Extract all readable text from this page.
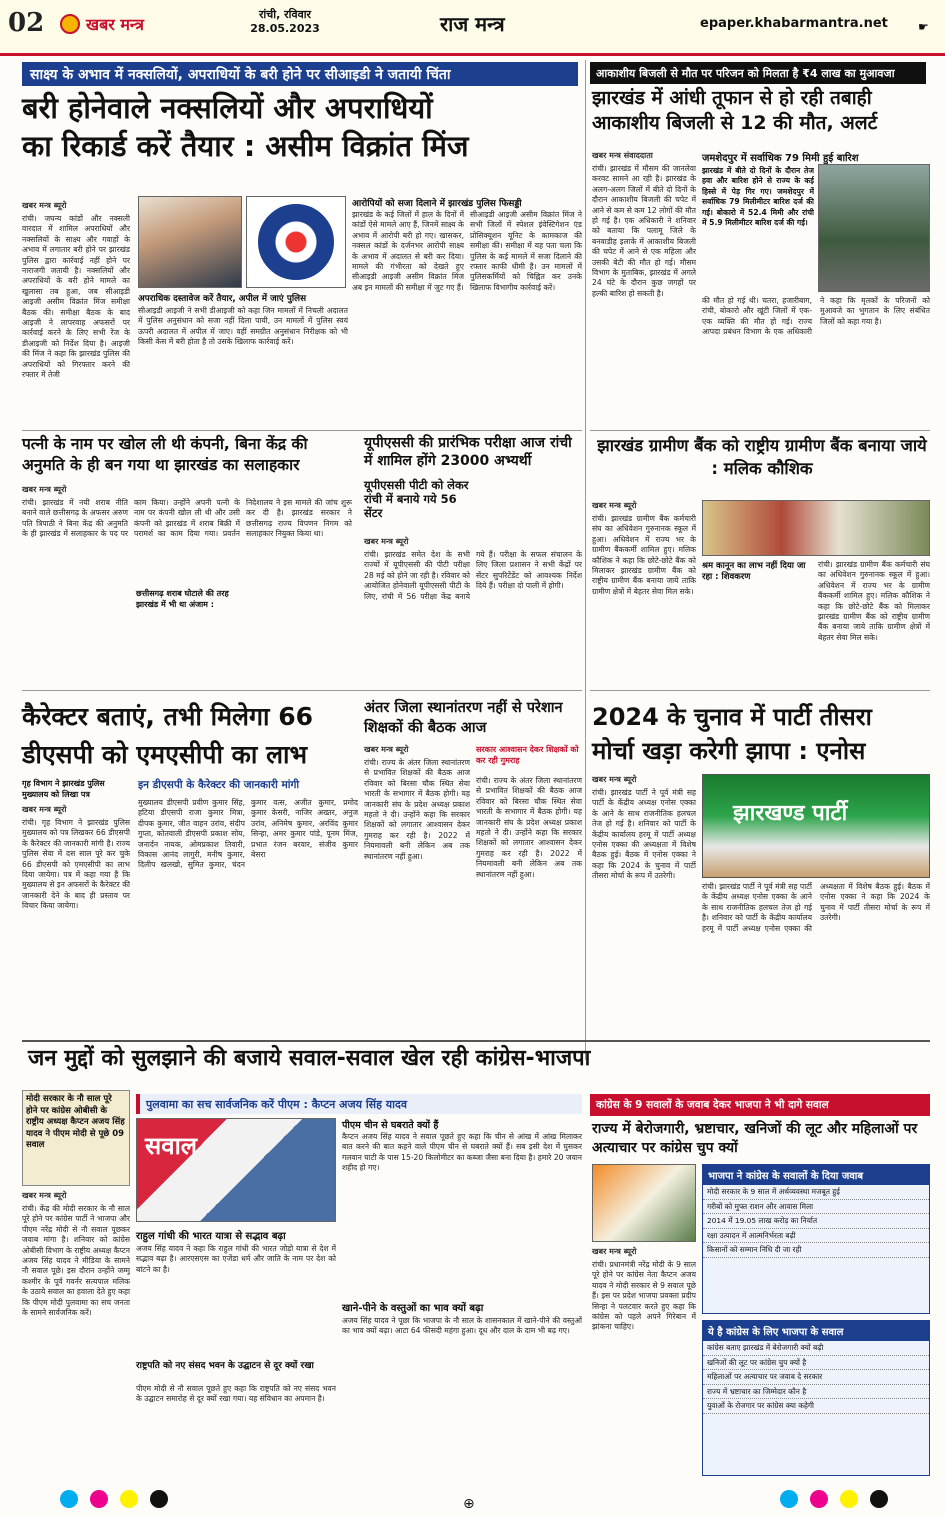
02	खबर मन्त्र
रांची, रविवार
28.05.2023	राज मन्त्र	epaper.khabarmantra.net	☛
साक्ष्य के अभाव में नक्सलियों, अपराधियों के बरी होने पर सीआइडी ने जतायी चिंता
बरी होनेवाले नक्सलियों और अपराधियों
का रिकार्ड करें तैयार : असीम विक्रांत मिंज
खबर मन्त्र ब्यूरो
रांची। जघन्य कांडों और नक्सली वारदात में शामिल अपराधियों और नक्सलियों के साक्ष्य और गवाहों के अभाव में लगातार बरी होने पर झारखंड पुलिस द्वारा कार्रवाई नहीं होने पर नाराजगी जतायी है। नक्सलियों और अपराधियों के बरी होने मामले का खुलासा तब हुआ, जब सीआइडी आइजी असीम विक्रांत मिंज समीक्षा बैठक की। समीक्षा बैठक के बाद आइजी ने लापरवाह अफसरों पर कार्रवाई करने के लिए सभी रेंज के डीआइजी को निर्देश दिया है। आइजी की मिंज ने कहा कि झारखंड पुलिस की अपराधियों को गिरफ्तार करने की रफ्तार में तेजी
अपराधिक दस्तावेज करें तैयार, अपील में जाएं पुलिस
सीआइडी आइजी ने सभी डीआइजी को कहा जिन मामलों में निचली अदालत में पुलिस अनुसंधान को सजा नहीं दिला पायी, उन मामलों में पुलिस स्वयं ऊपरी अदालत में अपील में जाए। वहीं समग्रीत अनुसंधान निरीक्षक को भी किसी केस में बरी होता है तो उसके खिलाफ कार्रवाई करें।
आरोपियों को सजा दिलाने में झारखंड पुलिस फिसड्डी
झारखंड के कई जिलों में हाल के दिनों में कांडों ऐसे मामले आए हैं, जिनमें साक्ष्य के अभाव में आरोपी बरी हो गए। खासकर, नक्सल कांडों के दर्जनभर आरोपी साक्ष्य के अभाव में अदालत से बरी कर दिया। मामले की गंभीरता को देखते हुए सीआइडी आइजी असीम विक्रांत मिंज अब इन मामलों की समीक्षा में जुट गए हैं।
सीआइडी आइजी असीम विक्रांत मिंज ने सभी जिलों में स्पेशल इंवेस्टिगेशन एंड प्रोसिक्यूशन यूनिट के कामकाज की समीक्षा की। समीक्षा में यह पता चला कि पुलिस के कई मामले में सजा दिलाने की रफ्तार काफी धीमी है। उन मामलों में पुलिसकर्मियों को चिह्नित कर उनके खिलाफ विभागीय कार्रवाई करें।
आकाशीय बिजली से मौत पर परिजन को मिलता है ₹4 लाख का मुआवजा
झारखंड में आंधी तूफान से हो रही तबाही
आकाशीय बिजली से 12 की मौत, अलर्ट
खबर मन्त्र संवाददाता
रांची। झारखंड में मौसम की जानलेवा करवट सामने आ रही है। झारखंड के अलग-अलग जिलों में बीते दो दिनों के दौरान आकाशीय बिजली की चपेट में आने से कम से कम 12 लोगों की मौत हो गई है। एक अधिकारी ने शनिवार को बताया कि पलामू जिले के बनवाडीह इलाके में आकाशीय बिजली की चपेट में आने से एक महिला और उसकी बेटी की मौत हो गई। मौसम विभाग के मुताबिक, झारखंड में अगले 24 घंटे के दौरान कुछ जगहों पर हल्की बारिश हो सकती है।
जमशेदपुर में सर्वाधिक 79 मिमी हुई बारिश
झारखंड में बीते दो दिनों के दौरान तेज हवा और बारिश होने से राज्य के कई हिस्से में पेड़ गिर गए। जमशेदपुर में सर्वाधिक 79 मिलीमीटर बारिश दर्ज की गई। बोकारो में 52.4 मिमी और रांची में 5.9 मिलीमीटर बारिश दर्ज की गई।
की मौत हो गई थी। चतरा, हजारीबाग, रांची, बोकारो और खूंटी जिलों में एक-एक व्यक्ति की मौत हो गई। राज्य आपदा प्रबंधन विभाग के एक अधिकारी ने कहा कि मृतकों के परिजनों को मुआवजे का भुगतान के लिए संबंधित जिलों को कहा गया है।
पत्नी के नाम पर खोल ली थी कंपनी, बिना केंद्र की अनुमति के ही बन गया था झारखंड का सलाहकार
खबर मन्त्र ब्यूरो
रांची। झारखंड में नयी शराब नीति बनाने वाले छत्तीसगढ़ के अफसर अरुण पति त्रिपाठी ने बिना केंद्र की अनुमति के ही झारखंड में सलाहकार के पद पर काम किया। उन्होंने अपनी पत्नी के नाम पर कंपनी खोल ली थी और उसी कंपनी को झारखंड में शराब बिक्री में परामर्श का काम दिया गया। प्रवर्तन निदेशालय ने इस मामले की जांच शुरू कर दी है। झारखंड सरकार ने छत्तीसगढ़ राज्य विपणन निगम को सलाहकार नियुक्त किया था।
छत्तीसगढ़ शराब घोटाले की तरह झारखंड में भी था अंजाम :
यूपीएससी की प्रारंभिक परीक्षा आज रांची में शामिल होंगे 23000 अभ्यर्थी
यूपीएससी पीटी को लेकर रांची में बनाये गये 56 सेंटर
खबर मन्त्र ब्यूरो
रांची। झारखंड समेत देश के सभी राज्यों में यूपीएससी की पीटी परीक्षा 28 मई को होने जा रही है। रविवार को आयोजित होनेवाली यूपीएससी पीटी के लिए, रांची में 56 परीक्षा केंद्र बनाये गये हैं। परीक्षा के सफल संचालन के लिए जिला प्रशासन ने सभी केंद्रों पर सेंटर सुपरिटेंडेंट को आवश्यक निर्देश दिये हैं। परीक्षा दो पाली में होगी।
झारखंड ग्रामीण बैंक को राष्ट्रीय ग्रामीण बैंक बनाया जाये : मलिक कौशिक
खबर मन्त्र ब्यूरो
रांची। झारखंड ग्रामीण बैंक कर्मचारी संघ का अधिवेशन गुरुनानक स्कूल में हुआ। अधिवेशन में राज्य भर के ग्रामीण बैंककर्मी शामिल हुए। मलिक कौशिक ने कहा कि छोटे-छोटे बैंक को मिलाकर झारखंड ग्रामीण बैंक को राष्ट्रीय ग्रामीण बैंक बनाया जाये ताकि ग्रामीण क्षेत्रों में बेहतर सेवा मिल सके।
श्रम कानून का लाभ नहीं दिया जा रहा : शिवकरण
रांची। झारखंड ग्रामीण बैंक कर्मचारी संघ का अधिवेशन गुरुनानक स्कूल में हुआ। अधिवेशन में राज्य भर के ग्रामीण बैंककर्मी शामिल हुए। मलिक कौशिक ने कहा कि छोटे-छोटे बैंक को मिलाकर झारखंड ग्रामीण बैंक को राष्ट्रीय ग्रामीण बैंक बनाया जाये ताकि ग्रामीण क्षेत्रों में बेहतर सेवा मिल सके।
कैरेक्टर बताएं, तभी मिलेगा 66 डीएसपी को एमएसीपी का लाभ
गृह विभाग ने झारखंड पुलिस मुख्यालय को लिखा पत्र
इन डीएसपी के कैरेक्टर की जानकारी मांगी
खबर मन्त्र ब्यूरो
रांची। गृह विभाग ने झारखंड पुलिस मुख्यालय को पत्र लिखकर 66 डीएसपी के कैरेक्टर की जानकारी मांगी है। राज्य पुलिस सेवा में दस साल पूरे कर चुके 66 डीएसपी को एमएसीपी का लाभ दिया जायेगा। पत्र में कहा गया है कि मुख्यालय से इन अफसरों के कैरेक्टर की जानकारी देने के बाद ही प्रस्ताव पर विचार किया जायेगा।
मुख्यालय डीएसपी प्रवीण कुमार सिंह, हटिया डीएसपी राजा कुमार मित्रा, दीपक कुमार, जीत वाहन उरांव, संदीप गुप्ता, कोतवाली डीएसपी प्रकाश सोय, जनार्दन नायक, ओमप्रकाश तिवारी, विकास आनंद लागुरी, मनीष कुमार, दिलीप खलखो, सुमित कुमार, चंदन कुमार वत्स, अजीत कुमार, प्रमोद कुमार केसरी, नाजिर अख्तर, अनुज उरांव, अनिमेष कुमार, अरविंद कुमार सिन्हा, अमर कुमार पांडे, पूनम मिंज, प्रभात रंजन बरवार, संजीव कुमार बेसरा
अंतर जिला स्थानांतरण नहीं से परेशान शिक्षकों की बैठक आज
खबर मन्त्र ब्यूरो
रांची। राज्य के अंतर जिला स्थानांतरण से प्रभावित शिक्षकों की बैठक आज रविवार को बिरसा चौक स्थित सेवा भारती के सभागार में बैठक होगी। यह जानकारी संघ के प्रदेश अध्यक्ष प्रकाश महतो ने दी। उन्होंने कहा कि सरकार शिक्षकों को लगातार आश्वासन देकर गुमराह कर रही है। 2022 में नियमावली बनी लेकिन अब तक स्थानांतरण नहीं हुआ।
सरकार आश्वासन देकर शिक्षकों को कर रही गुमराह
रांची। राज्य के अंतर जिला स्थानांतरण से प्रभावित शिक्षकों की बैठक आज रविवार को बिरसा चौक स्थित सेवा भारती के सभागार में बैठक होगी। यह जानकारी संघ के प्रदेश अध्यक्ष प्रकाश महतो ने दी। उन्होंने कहा कि सरकार शिक्षकों को लगातार आश्वासन देकर गुमराह कर रही है। 2022 में नियमावली बनी लेकिन अब तक स्थानांतरण नहीं हुआ।
2024 के चुनाव में पार्टी तीसरा
मोर्चा खड़ा करेगी झापा : एनोस
खबर मन्त्र ब्यूरो
झारखण्ड पार्टी
रांची। झारखंड पार्टी ने पूर्व मंत्री सह पार्टी के केंद्रीय अध्यक्ष एनोस एक्का के आने के साथ राजनीतिक हलचल तेज हो गई है। शनिवार को पार्टी के केंद्रीय कार्यालय हरमू में पार्टी अध्यक्ष एनोस एक्का की अध्यक्षता में विशेष बैठक हुई। बैठक में एनोस एक्का ने कहा कि 2024 के चुनाव में पार्टी तीसरा मोर्चा के रूप में उतरेगी।
रांची। झारखंड पार्टी ने पूर्व मंत्री सह पार्टी के केंद्रीय अध्यक्ष एनोस एक्का के आने के साथ राजनीतिक हलचल तेज हो गई है। शनिवार को पार्टी के केंद्रीय कार्यालय हरमू में पार्टी अध्यक्ष एनोस एक्का की अध्यक्षता में विशेष बैठक हुई। बैठक में एनोस एक्का ने कहा कि 2024 के चुनाव में पार्टी तीसरा मोर्चा के रूप में उतरेगी।
जन मुद्दों को सुलझाने की बजाये सवाल-सवाल खेल रही कांग्रेस-भाजपा
मोदी सरकार के नौ साल पूरे होने पर कांग्रेस ओबीसी के राष्ट्रीय अध्यक्ष कैप्टन अजय सिंह यादव ने पीएम मोदी से पूछे 09 सवाल
खबर मन्त्र ब्यूरो
रांची। केंद्र की मोदी सरकार के नौ साल पूरे होने पर कांग्रेस पार्टी ने भाजपा और पीएम नरेंद्र मोदी से नौ सवाल पूछकर जवाब मांगा है। शनिवार को कांग्रेस ओबीसी विभाग के राष्ट्रीय अध्यक्ष कैप्टन अजय सिंह यादव ने मीडिया के सामने नौ सवाल पूछे। इस दौरान उन्होंने जम्मू कश्मीर के पूर्व गवर्नर सत्यपाल मलिक के उठाये सवाल का हवाला देते हुए कहा कि पीएम मोदी पुलवामा का सच जनता के सामने सार्वजनिक करें।
पुलवामा का सच सार्वजनिक करें पीएम : कैप्टन अजय सिंह यादव
सवाल
पीएम चीन से घबराते क्यों हैं
कैप्टन अजय सिंह यादव ने सवाल पूछते हुए कहा कि चीन से आंख में आंख मिलाकर बात करने की बात कहने वाले पीएम चीन से घबराते क्यों हैं। सब इसी देश में घुसकर गलवान घाटी के पास 15-20 किलोमीटर का कब्जा जैसा बना दिया है। हमारे 20 जवान शहीद हो गए।
राहुल गांधी की भारत यात्रा से सद्भाव बढ़ा
अजय सिंह यादव ने कहा कि राहुल गांधी की भारत जोड़ो यात्रा से देश में सद्भाव बढ़ा है। आरएसएस का एजेंडा धर्म और जाति के नाम पर देश को बांटने का है।
खाने-पीने के वस्तुओं का भाव क्यों बढ़ा
अजय सिंह यादव ने पूछा कि भाजपा के नौ साल के शासनकाल में खाने-पीने की वस्तुओं का भाव क्यों बढ़ा। आटा 64 फीसदी महंगा हुआ। दूध और दाल के दाम भी बढ़ गए।
राष्ट्रपति को नए संसद भवन के उद्घाटन से दूर क्यों रखा
पीएम मोदी से नौ सवाल पूछते हुए कहा कि राष्ट्रपति को नए संसद भवन के उद्घाटन समारोह से दूर क्यों रखा गया। यह संविधान का अपमान है।
कांग्रेस के 9 सवालों के जवाब देकर भाजपा ने भी दागे सवाल
राज्य में बेरोजगारी, भ्रष्टाचार, खनिजों की लूट और महिलाओं पर अत्याचार पर कांग्रेस चुप क्यों
खबर मन्त्र ब्यूरो
रांची। प्रधानमंत्री नरेंद्र मोदी के 9 साल पूरे होने पर कांग्रेस नेता कैप्टन अजय यादव ने मोदी सरकार से 9 सवाल पूछे हैं। इस पर प्रदेश भाजपा प्रवक्ता प्रदीप सिन्हा ने पलटवार करते हुए कहा कि कांग्रेस को पहले अपने गिरेबान में झांकना चाहिए।
भाजपा ने कांग्रेस के सवालों के दिया जवाब
मोदी सरकार के 9 साल में अर्थव्यवस्था मजबूत हुई
गरीबों को मुफ्त राशन और आवास मिला
2014 में 19.05 लाख करोड़ का निर्यात
रक्षा उत्पादन में आत्मनिर्भरता बढ़ी
किसानों को सम्मान निधि दी जा रही
ये है कांग्रेस के लिए भाजपा के सवाल
कांग्रेस बताए झारखंड में बेरोजगारी क्यों बढ़ी
खनिजों की लूट पर कांग्रेस चुप क्यों है
महिलाओं पर अत्याचार पर जवाब दे सरकार
राज्य में भ्रष्टाचार का जिम्मेदार कौन है
युवाओं के रोजगार पर कांग्रेस क्या कहेगी
⊕
